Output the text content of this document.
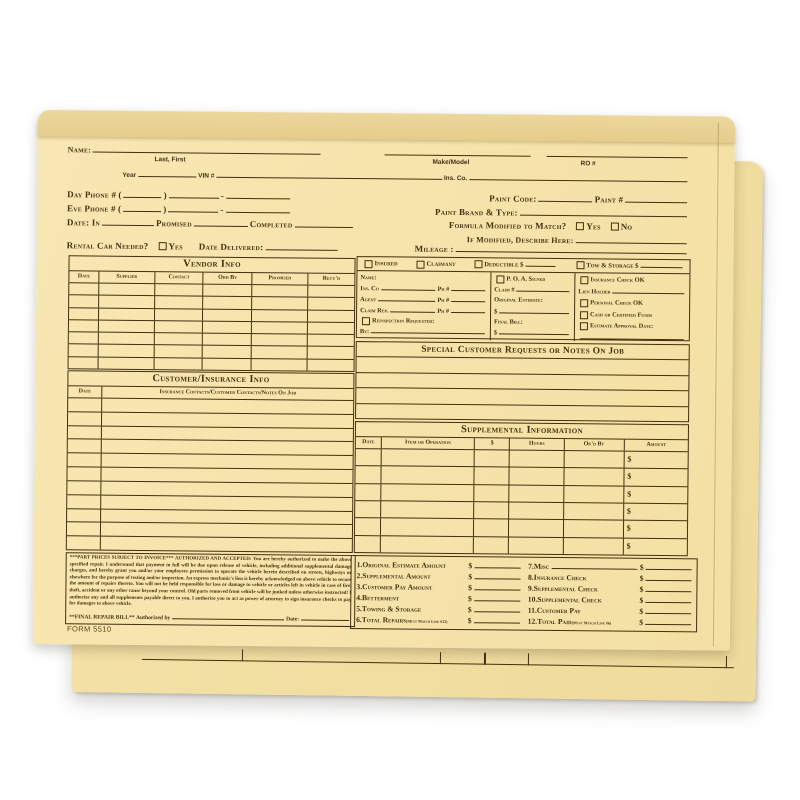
Name:
Last, First	Make/Model	RO #
Year	VIN #	Ins. Co.
Day Phone #
(	)	-
Eve Phone #
(	)	-
Date: In	Promised	Completed
Rental Car Needed? Yes Date Delivered:
Paint Code:	Paint #
Paint Brand & Type:
Formula Modified to Match? Yes No
If Modified, Describe Here:
Mileage :
Vendor Info
Date	Supplier	Contact	Ord By	Promised	Recv'd
Insured	Claimant	Deductible $	Tow & Storage $
Name:
Ins. Co	Ph #
Agent	Ph #
Claim Rep.	Ph #
Reinspection Requested:
By:
P. O. A. Signed
Claim #
Original Estimate:
$
Final Bill:
$
Insurance Check OK
Lien Holder
Personal Check OK
Cash or Certified Funds
Estimate Approval Date:
Special Customer Requests or Notes On Job
Supplemental Information
Date	Item or Operation	$	Hours	Ok'd By	Amount
$
$
$
$
$
$
Customer/Insurance Info
Date	Insurance Contacts/Customer Contacts/Notes On Job

***PART PRICES SUBJECT TO INVOICE*** AUTHORIZED AND ACCEPTED: You are hereby authorized to make the above specified repair. I understand that payment in full will be due upon release of vehicle, including additional supplemental damage charges, and hereby grant you and/or your employees permission to operate the vehicle herein described on streets, highways or elsewhere for the purpose of testing and/or inspection. An express mechanic's lien is hereby acknowledged on above vehicle to secure the amount of repairs thereto. You will not be held responsible for loss or damage to vehicle or articles left in vehicle in case of fire, theft, accident or any other cause beyond your control. Old parts removed from vehicle will be junked unless otherwise instructed! I authorize any and all supplements payable direct to you. I authorize you to act as power of attorney to sign insurance checks to pay for damages to above vehicle.

**FINAL REPAIR BILL**
Authorized by	Date:
1. Original Estimate Amount	$
2. Supplemental Amount	$
3. Customer Pay Amount	$
4. Betterment	$
5. Towing & Storage	$
6. Total Repairs (Must Match Line #12)	$
7. Misc	$
8. Insurance Check	$
9. Supplemental Check	$
10. Supplemental Check	$
11. Customer Pay	$
12. Total Paid (Must Match Line #6)	$
FORM 5510
